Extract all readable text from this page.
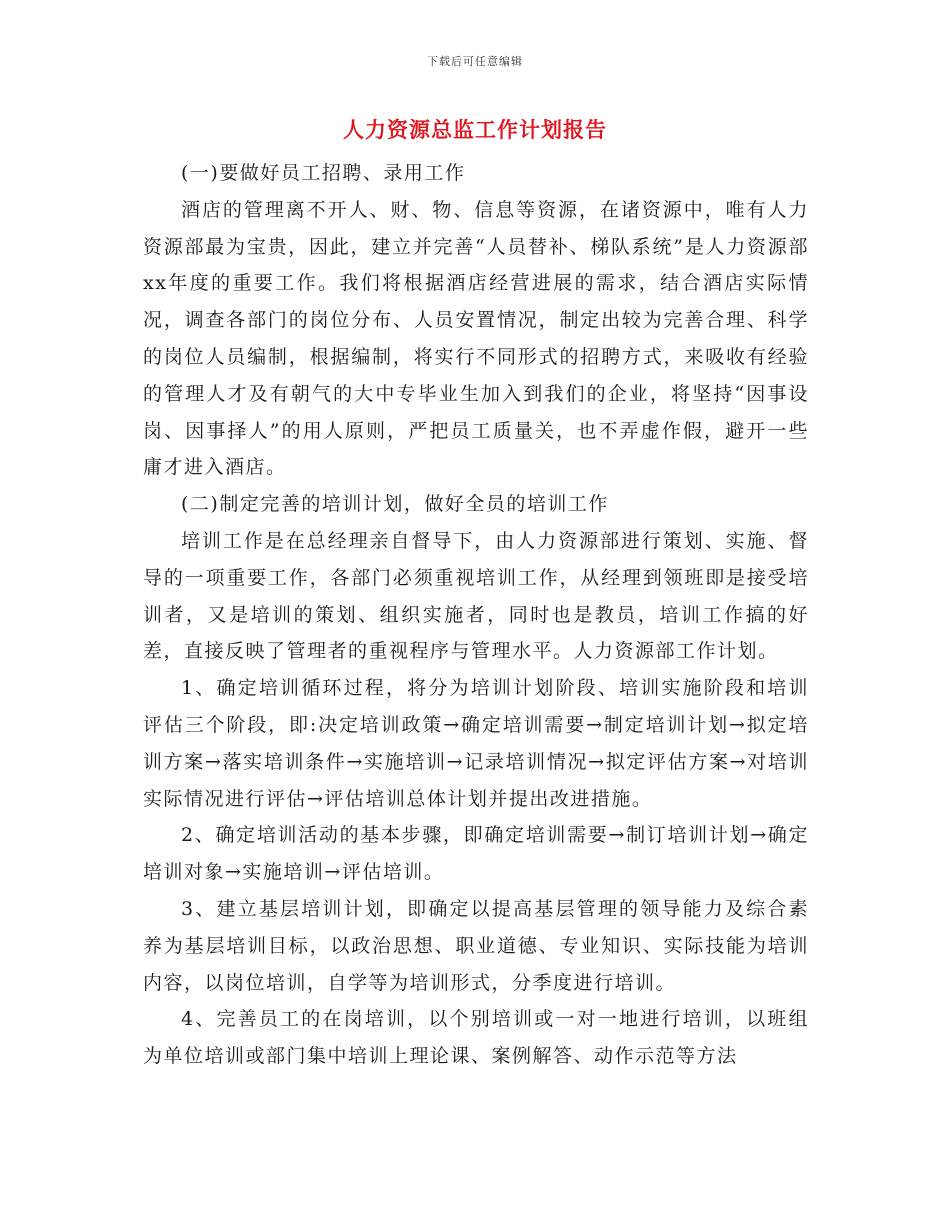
下载后可任意编辑
人力资源总监工作计划报告

(一)要做好员工招聘、录用工作

酒店的管理离不开人、财、物、信息等资源，在诸资源中，唯有人力资源部最为宝贵，因此，建立并完善“人员替补、梯队系统”是人力资源部xx年度的重要工作。我们将根据酒店经营进展的需求，结合酒店实际情况，调查各部门的岗位分布、人员安置情况，制定出较为完善合理、科学的岗位人员编制，根据编制，将实行不同形式的招聘方式，来吸收有经验的管理人才及有朝气的大中专毕业生加入到我们的企业，将坚持“因事设岗、因事择人”的用人原则，严把员工质量关，也不弄虚作假，避开一些庸才进入酒店。

(二)制定完善的培训计划，做好全员的培训工作

培训工作是在总经理亲自督导下，由人力资源部进行策划、实施、督导的一项重要工作，各部门必须重视培训工作，从经理到领班即是接受培训者，又是培训的策划、组织实施者，同时也是教员，培训工作搞的好差，直接反映了管理者的重视程序与管理水平。人力资源部工作计划。

1、确定培训循环过程，将分为培训计划阶段、培训实施阶段和培训评估三个阶段，即:决定培训政策→确定培训需要→制定培训计划→拟定培训方案→落实培训条件→实施培训→记录培训情况→拟定评估方案→对培训实际情况进行评估→评估培训总体计划并提出改进措施。

2、确定培训活动的基本步骤，即确定培训需要→制订培训计划→确定培训对象→实施培训→评估培训。

3、建立基层培训计划，即确定以提高基层管理的领导能力及综合素养为基层培训目标，以政治思想、职业道德、专业知识、实际技能为培训内容，以岗位培训，自学等为培训形式，分季度进行培训。

4、完善员工的在岗培训，以个别培训或一对一地进行培训，以班组为单位培训或部门集中培训上理论课、案例解答、动作示范等方法
